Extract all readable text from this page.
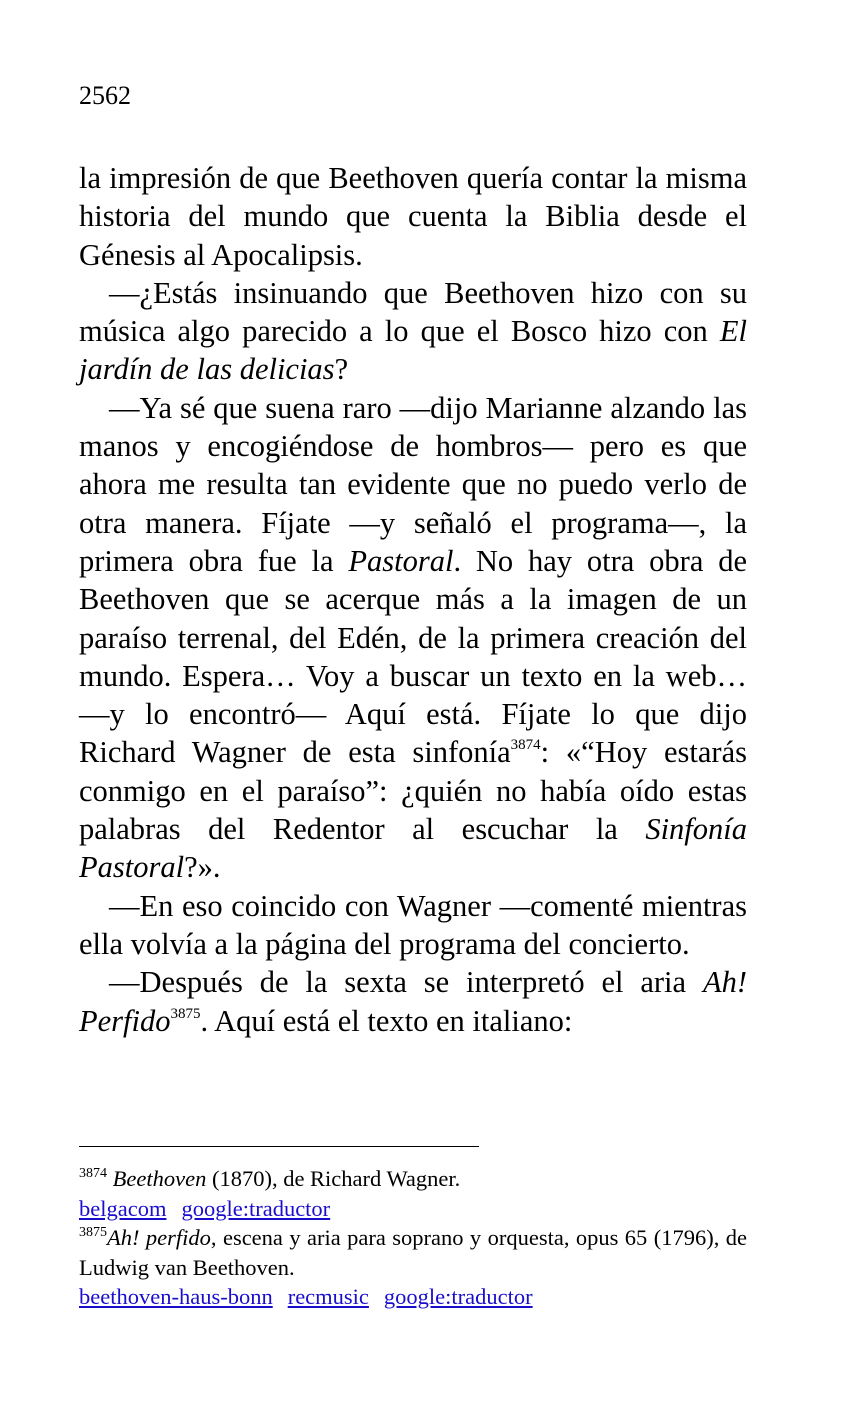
2562

la impresión de que Beethoven quería contar la misma historia del mundo que cuenta la Biblia desde el Génesis al Apocalipsis.

—¿Estás insinuando que Beethoven hizo con su música algo parecido a lo que el Bosco hizo con El jardín de las delicias?

—Ya sé que suena raro —dijo Marianne alzando las manos y encogiéndose de hombros— pero es que ahora me resulta tan evidente que no puedo verlo de otra manera. Fíjate —y señaló el programa—, la primera obra fue la Pastoral. No hay otra obra de Beethoven que se acerque más a la imagen de un paraíso terrenal, del Edén, de la primera creación del mundo. Espera… Voy a buscar un texto en la web… —y lo encontró— Aquí está. Fíjate lo que dijo Richard Wagner de esta sinfonía$^{3874}$: «“Hoy estarás conmigo en el paraíso”: ¿quién no había oído estas palabras del Redentor al escuchar la Sinfonía Pastoral?».

—En eso coincido con Wagner —comenté mientras ella volvía a la página del programa del concierto.

—Después de la sexta se interpretó el aria Ah! Perfido$^{3875}$. Aquí está el texto en italiano:

$^{3874}$ Beethoven (1870), de Richard Wagner.

belgacom google:traductor

$^{3875}$Ah! perfido, escena y aria para soprano y orquesta, opus 65 (1796), de Ludwig van Beethoven.

beethoven-haus-bonn recmusic google:traductor
